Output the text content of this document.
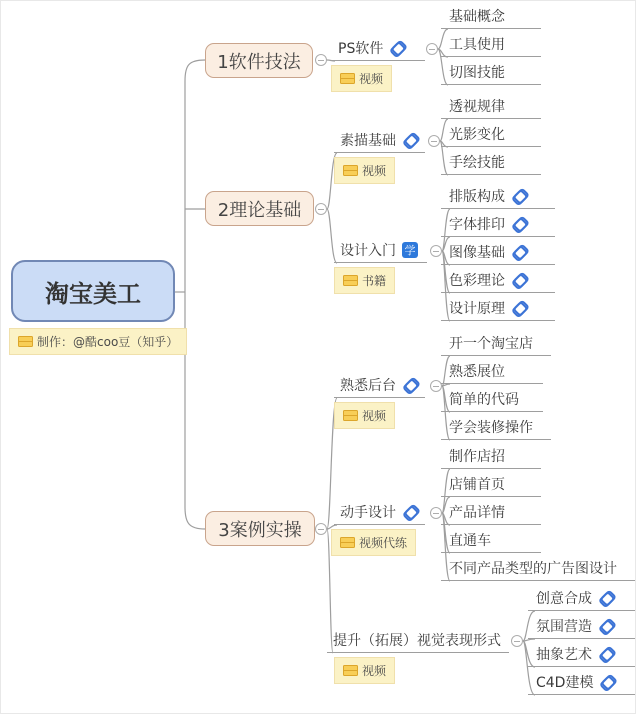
淘宝美工
制作：@酷coo豆（知乎）
1软件技法
2理论基础
3案例实操
PS软件
视频
基础概念
工具使用
切图技能
素描基础
视频
透视规律
光影变化
手绘技能
设计入门 学
书籍
排版构成
字体排印
图像基础
色彩理论
设计原理
熟悉后台
视频
开一个淘宝店
熟悉展位
简单的代码
学会装修操作
动手设计
视频代练
制作店招
店铺首页
产品详情
直通车
不同产品类型的广告图设计
提升（拓展）视觉表现形式
视频
创意合成
氛围营造
抽象艺术
C4D建模
